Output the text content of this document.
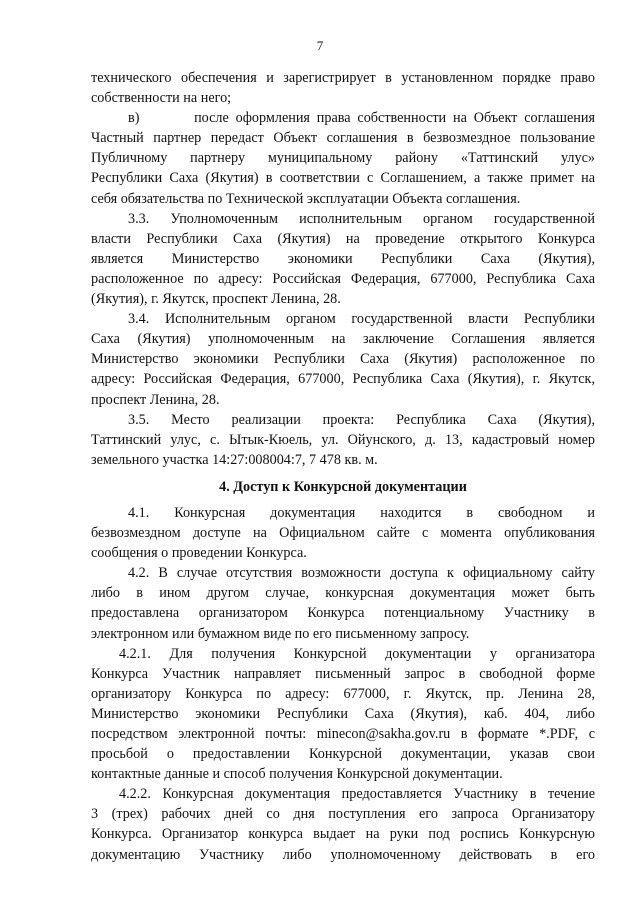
7
технического обеспечения и зарегистрирует в установленном порядке право
собственности на него;
в)        после оформления права собственности на Объект соглашения
Частный партнер передаст Объект соглашения в безвозмездное пользование
Публичному партнеру муниципальному району «Таттинский улус»
Республики Саха (Якутия) в соответствии с Соглашением, а также примет на
себя обязательства по Технической эксплуатации Объекта соглашения.
3.3. Уполномоченным исполнительным органом государственной
власти Республики Саха (Якутия) на проведение открытого Конкурса
является Министерство экономики Республики Саха (Якутия),
расположенное по адресу: Российская Федерация, 677000, Республика Саха
(Якутия), г. Якутск, проспект Ленина, 28.
3.4. Исполнительным органом государственной власти Республики
Саха (Якутия) уполномоченным на заключение Соглашения является
Министерство экономики Республики Саха (Якутия) расположенное по
адресу: Российская Федерация, 677000, Республика Саха (Якутия), г. Якутск,
проспект Ленина, 28.
3.5. Место реализации проекта: Республика Саха (Якутия),
Таттинский улус, с. Ытык-Кюель, ул. Ойунского, д. 13, кадастровый номер
земельного участка 14:27:008004:7, 7 478 кв. м.
4. Доступ к Конкурсной документации
4.1. Конкурсная документация находится в свободном и
безвозмездном доступе на Официальном сайте с момента опубликования
сообщения о проведении Конкурса.
4.2. В случае отсутствия возможности доступа к официальному сайту
либо в ином другом случае, конкурсная документация может быть
предоставлена организатором Конкурса потенциальному Участнику в
электронном или бумажном виде по его письменному запросу.
4.2.1. Для получения Конкурсной документации у организатора
Конкурса Участник направляет письменный запрос в свободной форме
организатору Конкурса по адресу: 677000, г. Якутск, пр. Ленина 28,
Министерство экономики Республики Саха (Якутия), каб. 404, либо
посредством электронной почты: minecon@sakha.gov.ru в формате *.PDF, с
просьбой о предоставлении Конкурсной документации, указав свои
контактные данные и способ получения Конкурсной документации.
4.2.2. Конкурсная документация предоставляется Участнику в течение
3 (трех) рабочих дней со дня поступления его запроса Организатору
Конкурса. Организатор конкурса выдает на руки под роспись Конкурсную
документацию Участнику либо уполномоченному действовать в его
